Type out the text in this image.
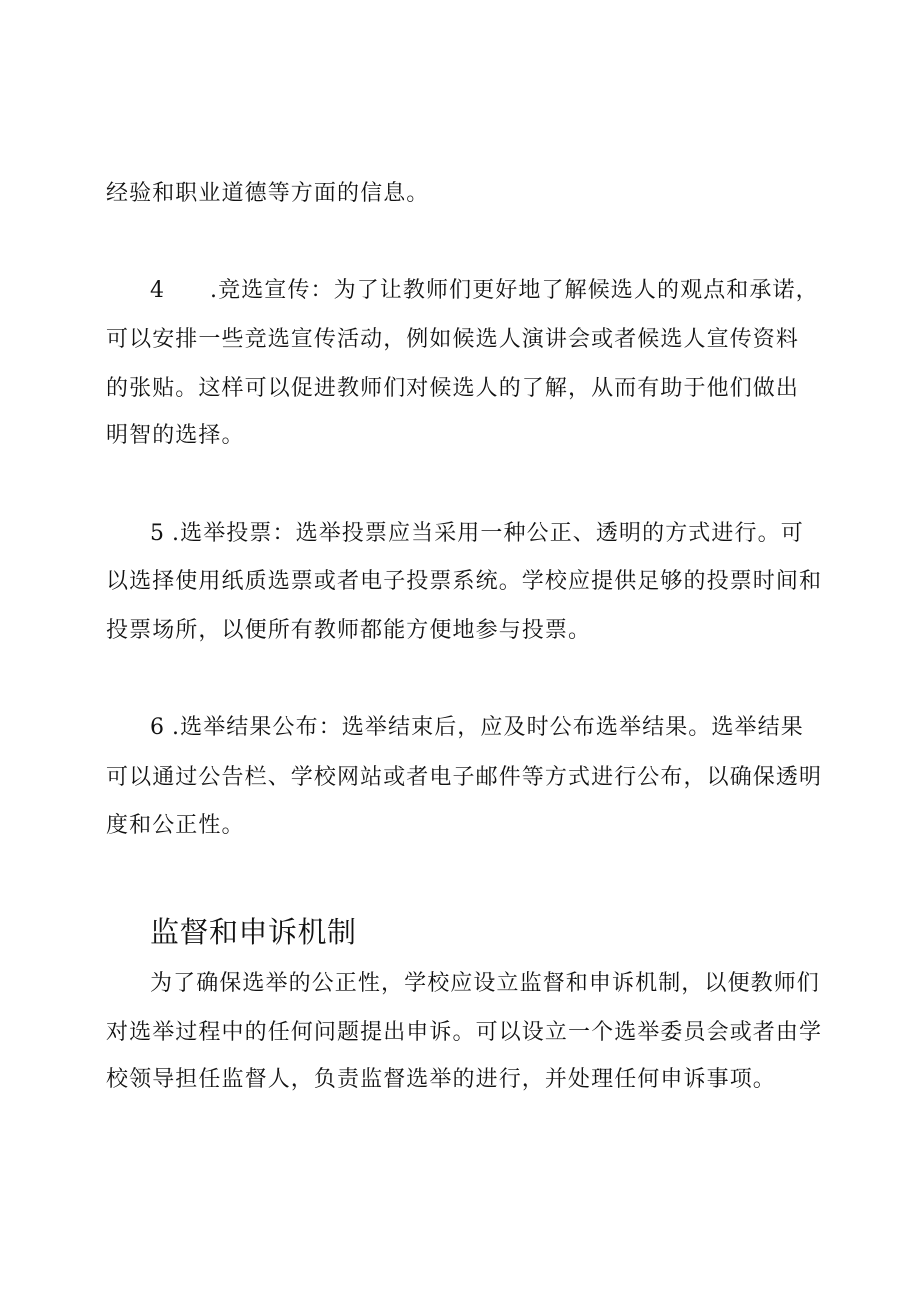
经验和职业道德等方面的信息。
4 .竞选宣传：为了让教师们更好地了解候选人的观点和承诺，
可以安排一些竞选宣传活动，例如候选人演讲会或者候选人宣传资料
的张贴。这样可以促进教师们对候选人的了解，从而有助于他们做出
明智的选择。
5 .选举投票：选举投票应当采用一种公正、透明的方式进行。可
以选择使用纸质选票或者电子投票系统。学校应提供足够的投票时间和
投票场所，以便所有教师都能方便地参与投票。
6 .选举结果公布：选举结束后，应及时公布选举结果。选举结果
可以通过公告栏、学校网站或者电子邮件等方式进行公布，以确保透明
度和公正性。
监督和申诉机制
为了确保选举的公正性，学校应设立监督和申诉机制，以便教师们
对选举过程中的任何问题提出申诉。可以设立一个选举委员会或者由学
校领导担任监督人，负责监督选举的进行，并处理任何申诉事项。
